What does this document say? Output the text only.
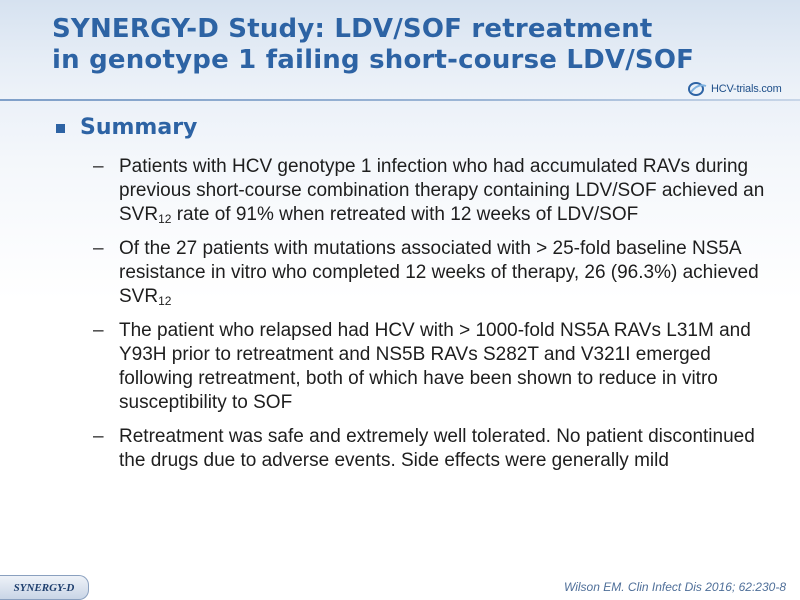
SYNERGY-D Study: LDV/SOF retreatment
in genotype 1 failing short-course LDV/SOF
HCV-trials.com
Summary
– Patients with HCV genotype 1 infection who had accumulated RAVs during previous short-course combination therapy containing LDV/SOF achieved an $SVR_{12}$ rate of 91% when retreated with 12 weeks of LDV/SOF
– Of the 27 patients with mutations associated with > 25-fold baseline NS5A resistance in vitro who completed 12 weeks of therapy, 26 (96.3%) achieved $SVR_{12}$
– The patient who relapsed had HCV with > 1000-fold NS5A RAVs L31M and Y93H prior to retreatment and NS5B RAVs S282T and V321I emerged following retreatment, both of which have been shown to reduce in vitro susceptibility to SOF
– Retreatment was safe and extremely well tolerated. No patient discontinued the drugs due to adverse events. Side effects were generally mild
SYNERGY-D	Wilson EM. Clin Infect Dis 2016; 62:230-8
